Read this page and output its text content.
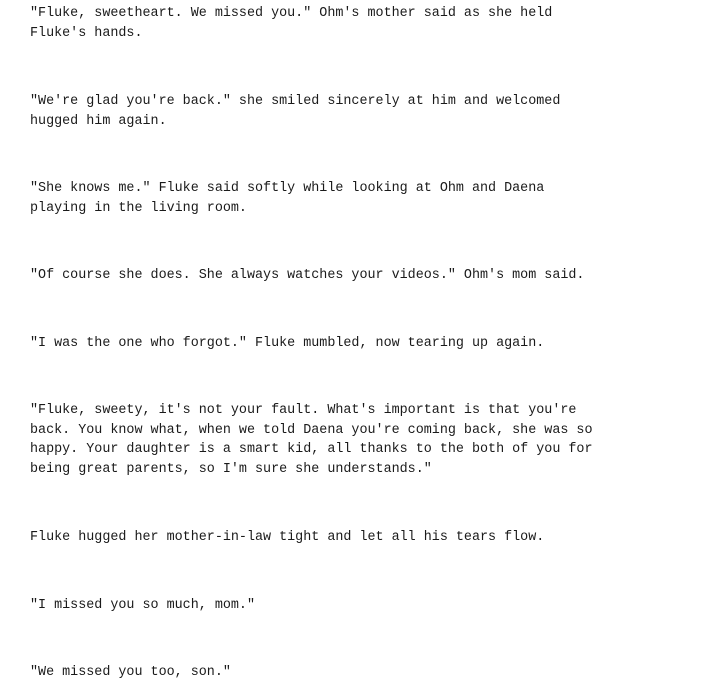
"Fluke, sweetheart. We missed you." Ohm's mother said as she held
Fluke's hands.

"We're glad you're back." she smiled sincerely at him and welcomed
hugged him again.

"She knows me." Fluke said softly while looking at Ohm and Daena
playing in the living room.

"Of course she does. She always watches your videos." Ohm's mom said.

"I was the one who forgot." Fluke mumbled, now tearing up again.

"Fluke, sweety, it's not your fault. What's important is that you're
back. You know what, when we told Daena you're coming back, she was so
happy. Your daughter is a smart kid, all thanks to the both of you for
being great parents, so I'm sure she understands."

Fluke hugged her mother-in-law tight and let all his tears flow.

"I missed you so much, mom."

"We missed you too, son."
